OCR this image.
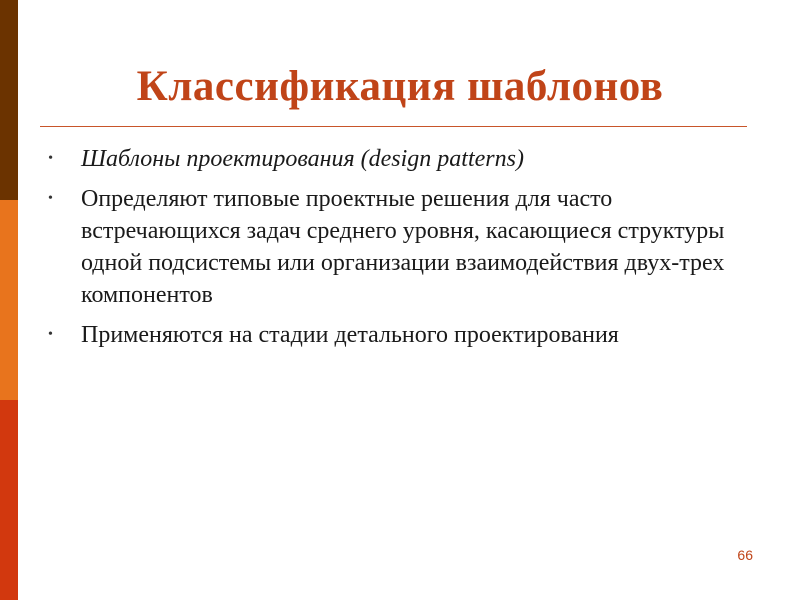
Классификация шаблонов
• Шаблоны проектирования (design patterns)
• Определяют типовые проектные решения для часто встречающихся задач среднего уровня, касающиеся структуры одной подсистемы или организации взаимодействия двух-трех компонентов
• Применяются на стадии детального проектирования
66
